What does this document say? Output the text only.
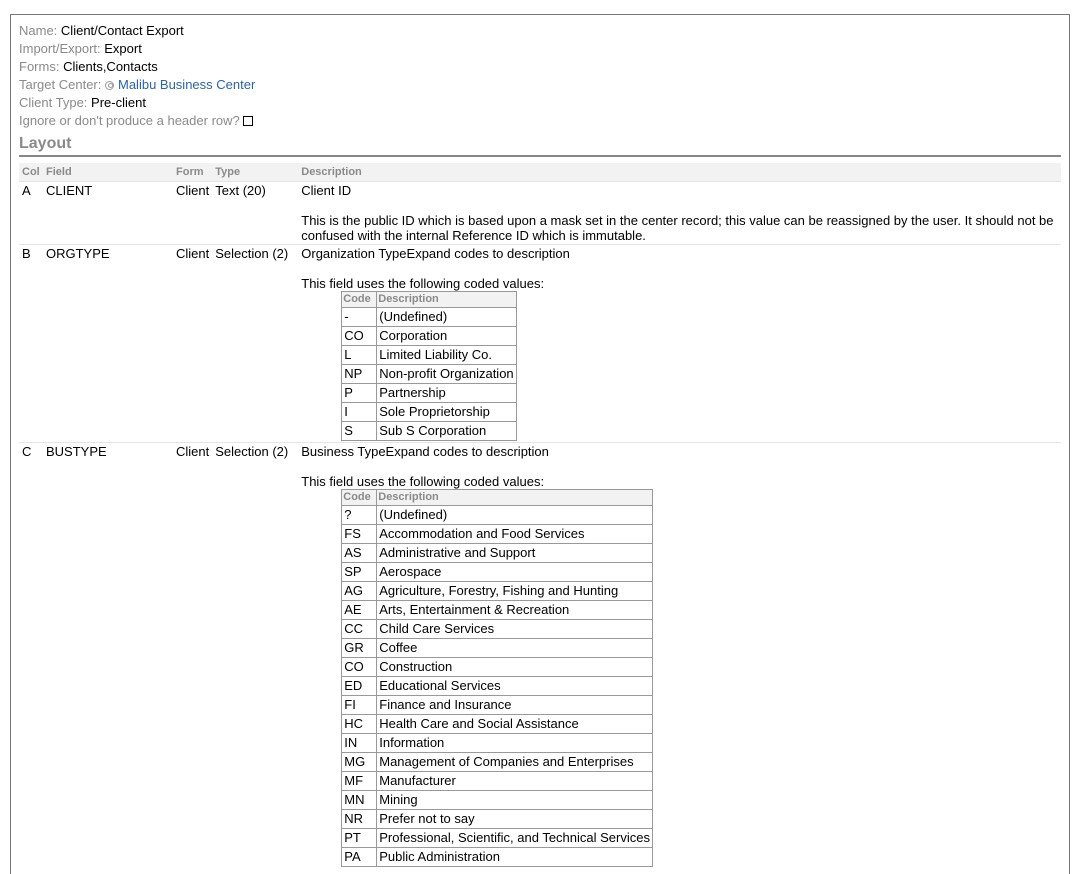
Name: Client/Contact Export
Import/Export: Export
Forms: Clients,Contacts
Target Center: Malibu Business Center
Client Type: Pre-client
Ignore or don't produce a header row?
Layout
Col	Field	Form	Type	Description
A	CLIENT	Client	Text (20)	Client ID
This is the public ID which is based upon a mask set in the center record; this value can be reassigned by the user. It should not be confused with the internal Reference ID which is immutable.

B	ORGTYPE	Client	Selection (2)	Organization TypeExpand codes to description
This field uses the following coded values:
Code	Description
-	(Undefined)
CO	Corporation
L	Limited Liability Co.
NP	Non-profit Organization
P	Partnership
I	Sole Proprietorship
S	Sub S Corporation

C	BUSTYPE	Client	Selection (2)	Business TypeExpand codes to description
This field uses the following coded values:
Code	Description
?	(Undefined)
FS	Accommodation and Food Services
AS	Administrative and Support
SP	Aerospace
AG	Agriculture, Forestry, Fishing and Hunting
AE	Arts, Entertainment & Recreation
CC	Child Care Services
GR	Coffee
CO	Construction
ED	Educational Services
FI	Finance and Insurance
HC	Health Care and Social Assistance
IN	Information
MG	Management of Companies and Enterprises
MF	Manufacturer
MN	Mining
NR	Prefer not to say
PT	Professional, Scientific, and Technical Services
PA	Public Administration
